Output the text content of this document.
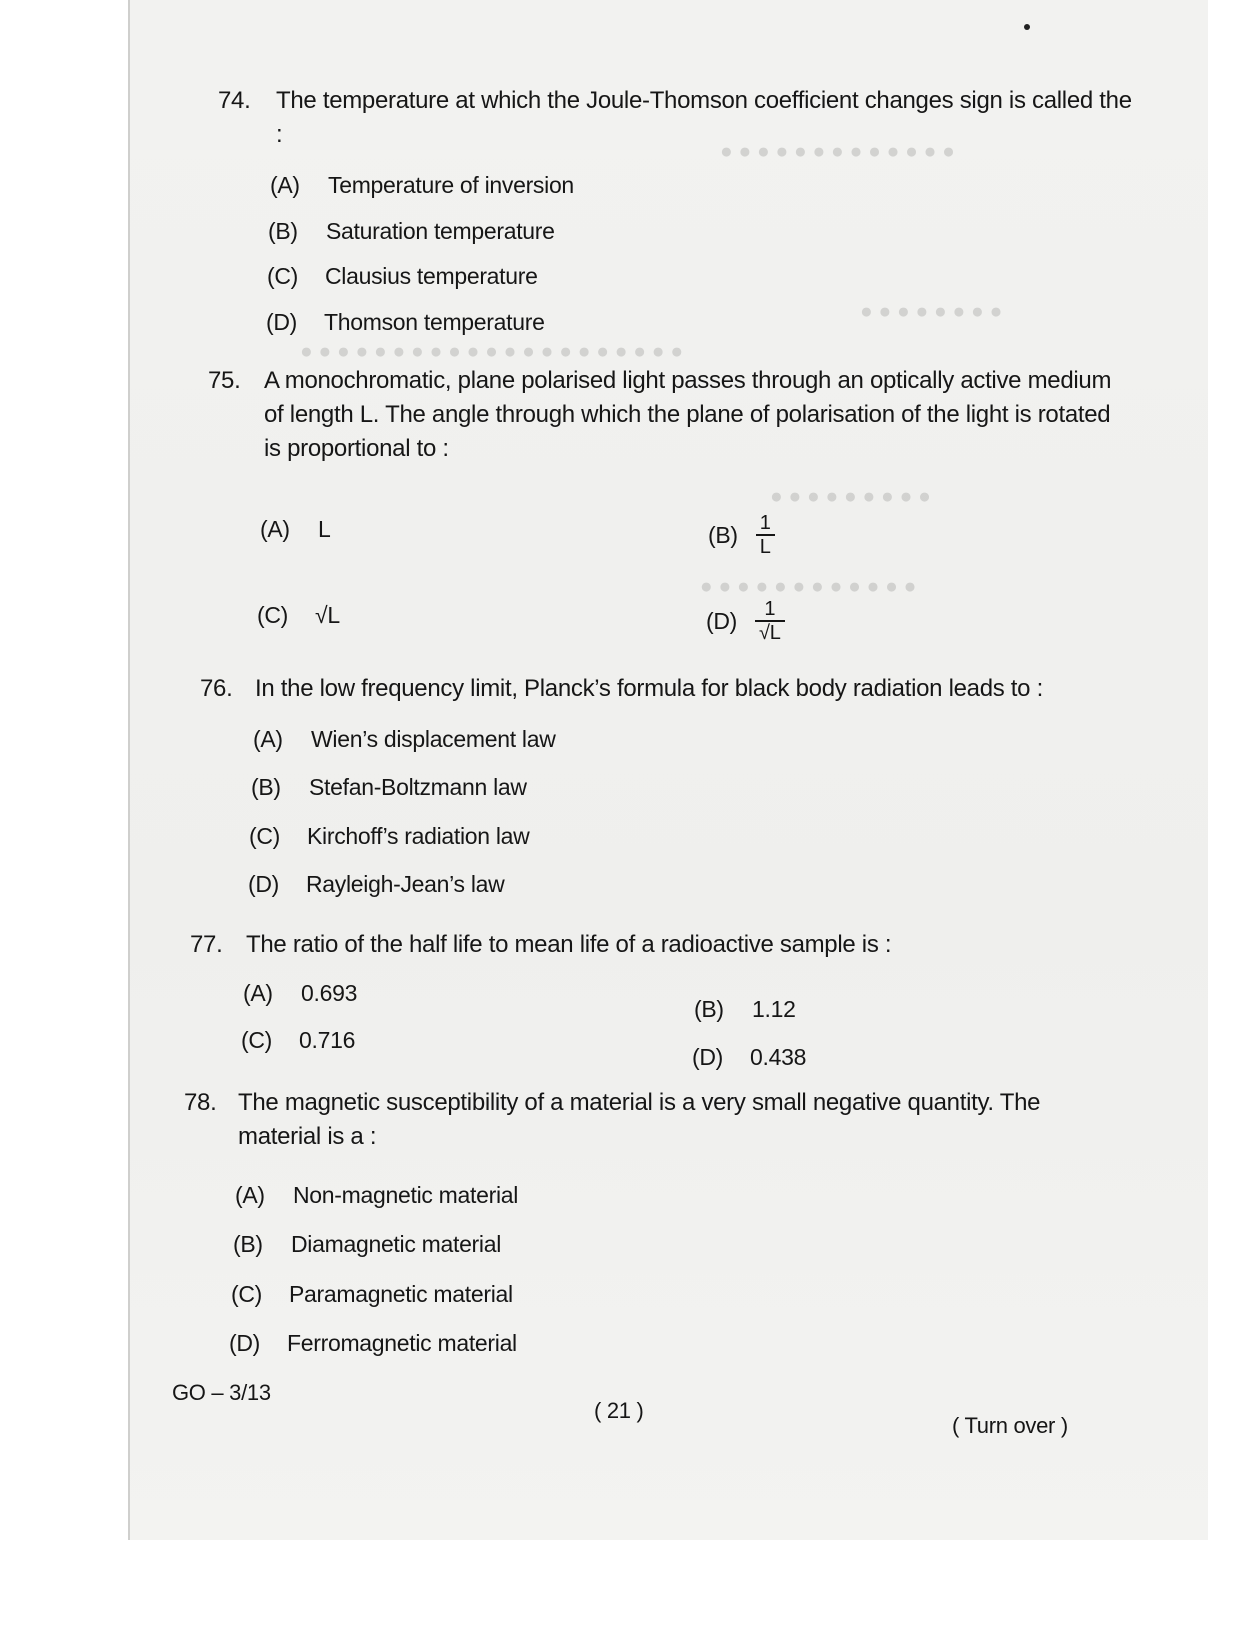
● ● ● ● ● ● ● ● ● ● ● ● ●
● ● ● ● ● ● ● ●
● ● ● ● ● ● ● ● ● ● ● ● ● ● ● ● ● ● ● ● ●
● ● ● ● ● ● ● ● ●
● ● ● ● ● ● ● ● ● ● ● ●
74. The temperature at which the Joule-Thomson coefficient changes sign is called the :
(A) Temperature of inversion
(B) Saturation temperature
(C) Clausius temperature
(D) Thomson temperature
75. A monochromatic, plane polarised light passes through an optically active medium of length L. The angle through which the plane of polarisation of the light is rotated is proportional to :
(A) L	$(B) \frac{1}{L}$
(C) √L	$(D) \frac{1}{√L}$
76. In the low frequency limit, Planck’s formula for black body radiation leads to :
(A) Wien’s displacement law
(B) Stefan-Boltzmann law
(C) Kirchoff’s radiation law
(D) Rayleigh-Jean’s law
77. The ratio of the half life to mean life of a radioactive sample is :
(A) 0.693
(B) 1.12
(C) 0.716
(D) 0.438
78. The magnetic susceptibility of a material is a very small negative quantity. The material is a :
(A) Non-magnetic material
(B) Diamagnetic material
(C) Paramagnetic material
(D) Ferromagnetic material
GO – 3/13
( 21 )
( Turn over )
